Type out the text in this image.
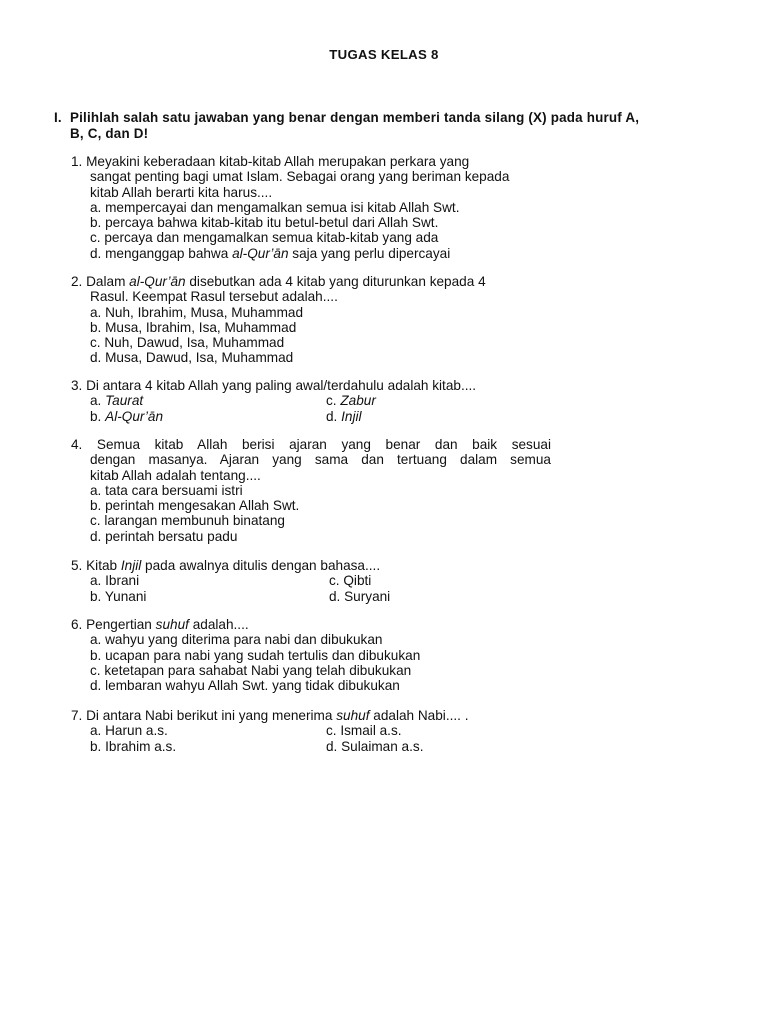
TUGAS KELAS 8
I. Pilihlah salah satu jawaban yang benar dengan memberi tanda silang (X) pada huruf A,
B, C, dan D!
1. Meyakini keberadaan kitab-kitab Allah merupakan perkara yang
sangat penting bagi umat Islam. Sebagai orang yang beriman kepada
kitab Allah berarti kita harus....
a. mempercayai dan mengamalkan semua isi kitab Allah Swt.
b. percaya bahwa kitab-kitab itu betul-betul dari Allah Swt.
c. percaya dan mengamalkan semua kitab-kitab yang ada
d. menganggap bahwa al-Qur’ān saja yang perlu dipercayai
2. Dalam al-Qur’ān disebutkan ada 4 kitab yang diturunkan kepada 4
Rasul. Keempat Rasul tersebut adalah....
a. Nuh, Ibrahim, Musa, Muhammad
b. Musa, Ibrahim, Isa, Muhammad
c. Nuh, Dawud, Isa, Muhammad
d. Musa, Dawud, Isa, Muhammad
3. Di antara 4 kitab Allah yang paling awal/terdahulu adalah kitab....
a. Taurat	c. Zabur
b. Al-Qur’ān	d. Injil
4. Semua kitab Allah berisi ajaran yang benar dan baik sesuai
dengan masanya. Ajaran yang sama dan tertuang dalam semua
kitab Allah adalah tentang....
a. tata cara bersuami istri
b. perintah mengesakan Allah Swt.
c. larangan membunuh binatang
d. perintah bersatu padu
5. Kitab Injil pada awalnya ditulis dengan bahasa....
a. Ibrani	c. Qibti
b. Yunani	d. Suryani
6. Pengertian suhuf adalah....
a. wahyu yang diterima para nabi dan dibukukan
b. ucapan para nabi yang sudah tertulis dan dibukukan
c. ketetapan para sahabat Nabi yang telah dibukukan
d. lembaran wahyu Allah Swt. yang tidak dibukukan
7. Di antara Nabi berikut ini yang menerima suhuf adalah Nabi.... .
a. Harun a.s.	c. Ismail a.s.
b. Ibrahim a.s.	d. Sulaiman a.s.
